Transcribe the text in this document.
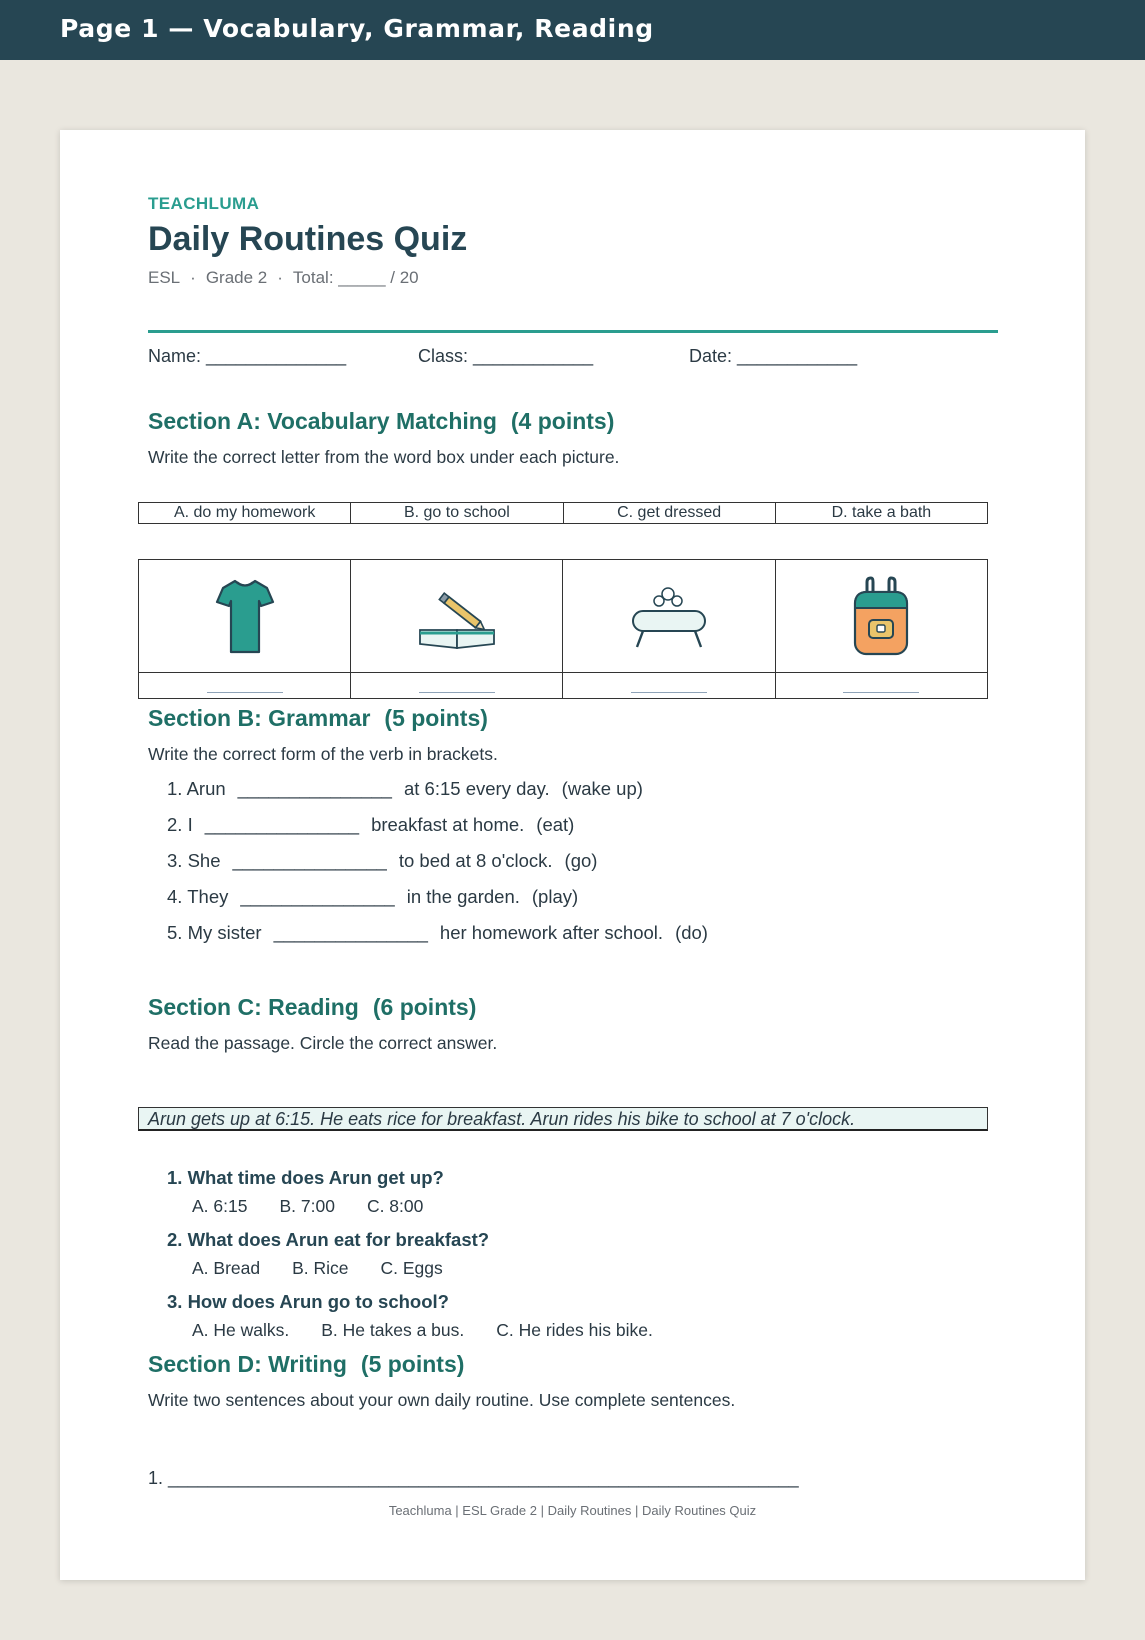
Page 1 — Vocabulary, Grammar, Reading
TEACHLUMA
Daily Routines Quiz
ESL · Grade 2 · Total: _____ / 20
Name: ______________	Class: ____________	Date: ____________
Section A: Vocabulary Matching (4 points)
Write the correct letter from the word box under each picture.
A. do my homework	B. go to school	C. get dressed	D. take a bath

Section B: Grammar (5 points)
Write the correct form of the verb in brackets.
1. Arun _______________ at 6:15 every day. (wake up)
2. I _______________ breakfast at home. (eat)
3. She _______________ to bed at 8 o'clock. (go)
4. They _______________ in the garden. (play)
5. My sister _______________ her homework after school. (do)
Section C: Reading (6 points)
Read the passage. Circle the correct answer.
Arun gets up at 6:15. He eats rice for breakfast. Arun rides his bike to school at 7 o'clock.
1. What time does Arun get up?
A. 6:15 B. 7:00 C. 8:00
2. What does Arun eat for breakfast?
A. Bread B. Rice C. Eggs
3. How does Arun go to school?
A. He walks. B. He takes a bus. C. He rides his bike.
Section D: Writing (5 points)
Write two sentences about your own daily routine. Use complete sentences.
1. _______________________________________________________________
Teachluma | ESL Grade 2 | Daily Routines | Daily Routines Quiz
